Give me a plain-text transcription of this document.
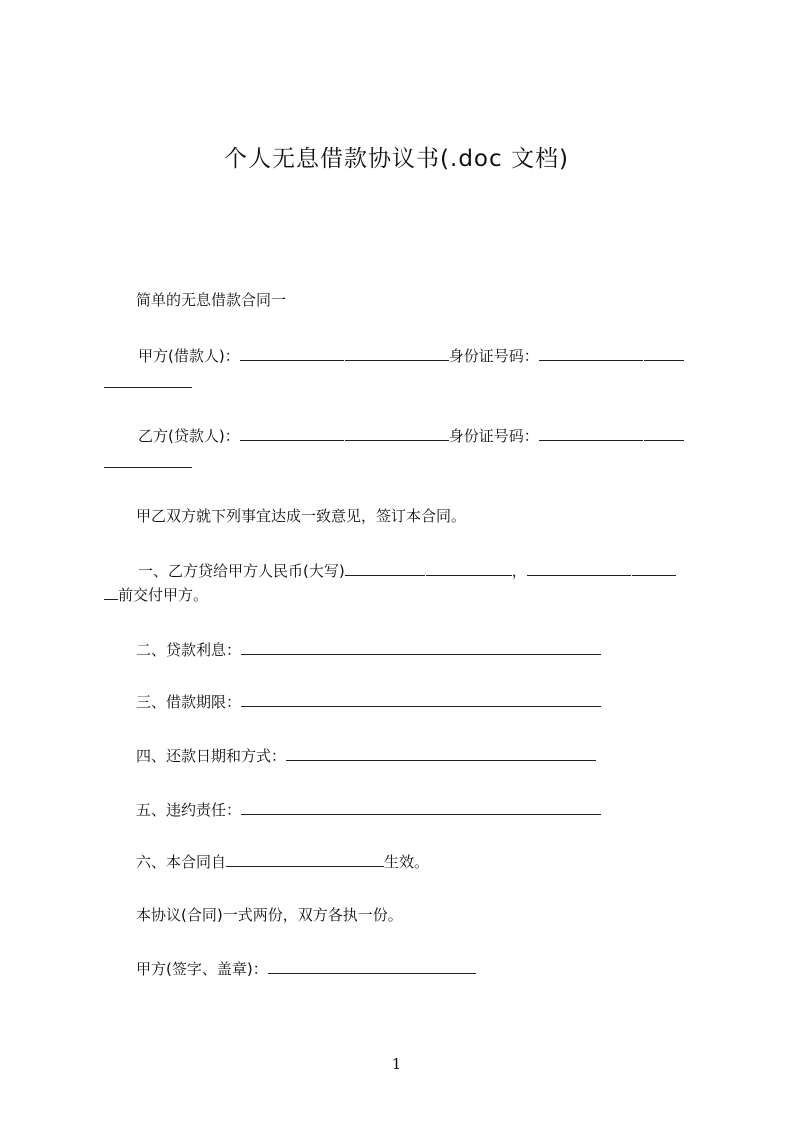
个人无息借款协议书(.doc 文档)
简单的无息借款合同一
甲方(借款人)：	身份证号码：
乙方(贷款人)：	身份证号码：
甲乙双方就下列事宜达成一致意见，签订本合同。
一、乙方贷给甲方人民币(大写)	，
前交付甲方。
二、贷款利息：
三、借款期限：
四、还款日期和方式：
五、违约责任：
六、本合同自	生效。
本协议(合同)一式两份，双方各执一份。
甲方(签字、盖章)：
1
